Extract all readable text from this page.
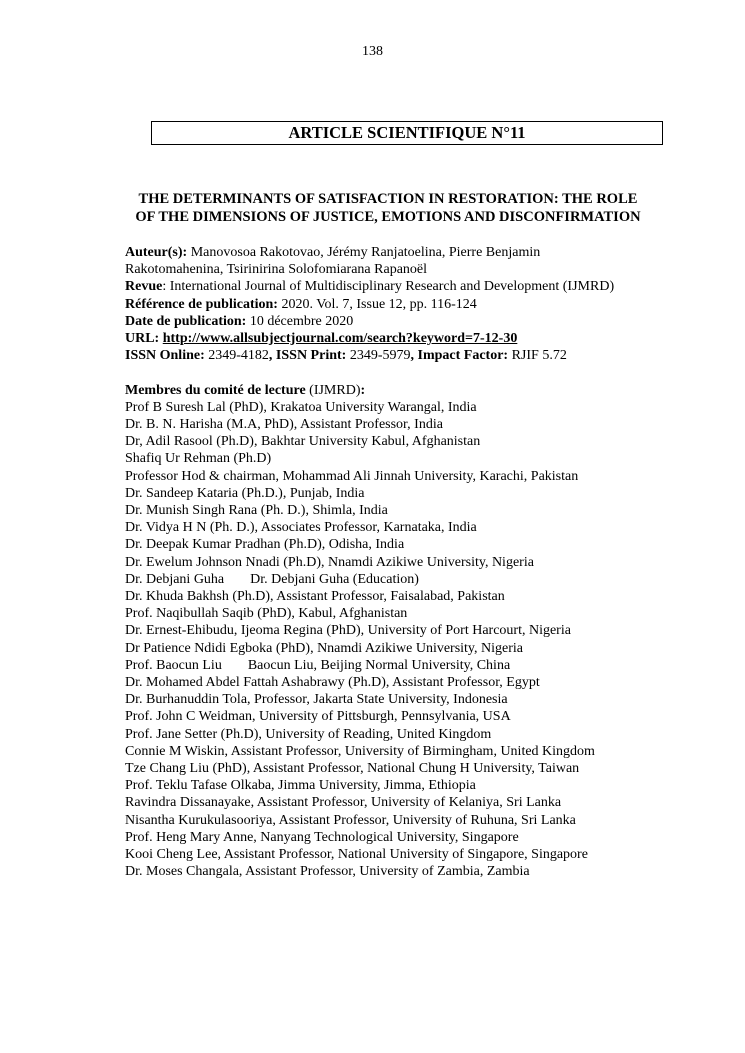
138
ARTICLE SCIENTIFIQUE N°11
THE DETERMINANTS OF SATISFACTION IN RESTORATION: THE ROLE
OF THE DIMENSIONS OF JUSTICE, EMOTIONS AND DISCONFIRMATION
Auteur(s): Manovosoa Rakotovao, Jérémy Ranjatoelina, Pierre Benjamin
Rakotomahenina, Tsirinirina Solofomiarana Rapanoël
Revue: International Journal of Multidisciplinary Research and Development (IJMRD)
Référence de publication: 2020. Vol. 7, Issue 12, pp. 116-124
Date de publication: 10 décembre 2020
URL: http://www.allsubjectjournal.com/search?keyword=7-12-30
ISSN Online: 2349-4182, ISSN Print: 2349-5979, Impact Factor: RJIF 5.72
Membres du comité de lecture (IJMRD):
Prof B Suresh Lal (PhD), Krakatoa University Warangal, India
Dr. B. N. Harisha (M.A, PhD), Assistant Professor, India
Dr, Adil Rasool (Ph.D), Bakhtar University Kabul, Afghanistan
Shafiq Ur Rehman (Ph.D)
Professor Hod & chairman, Mohammad Ali Jinnah University, Karachi, Pakistan
Dr. Sandeep Kataria (Ph.D.), Punjab, India
Dr. Munish Singh Rana (Ph. D.), Shimla, India
Dr. Vidya H N (Ph. D.), Associates Professor, Karnataka, India
Dr. Deepak Kumar Pradhan (Ph.D), Odisha, India
Dr. Ewelum Johnson Nnadi (Ph.D), Nnamdi Azikiwe University, Nigeria
Dr. Debjani Guha Dr. Debjani Guha (Education)
Dr. Khuda Bakhsh (Ph.D), Assistant Professor, Faisalabad, Pakistan
Prof. Naqibullah Saqib (PhD), Kabul, Afghanistan
Dr. Ernest-Ehibudu, Ijeoma Regina (PhD), University of Port Harcourt, Nigeria
Dr Patience Ndidi Egboka (PhD), Nnamdi Azikiwe University, Nigeria
Prof. Baocun Liu Baocun Liu, Beijing Normal University, China
Dr. Mohamed Abdel Fattah Ashabrawy (Ph.D), Assistant Professor, Egypt
Dr. Burhanuddin Tola, Professor, Jakarta State University, Indonesia
Prof. John C Weidman, University of Pittsburgh, Pennsylvania, USA
Prof. Jane Setter (Ph.D), University of Reading, United Kingdom
Connie M Wiskin, Assistant Professor, University of Birmingham, United Kingdom
Tze Chang Liu (PhD), Assistant Professor, National Chung H University, Taiwan
Prof. Teklu Tafase Olkaba, Jimma University, Jimma, Ethiopia
Ravindra Dissanayake, Assistant Professor, University of Kelaniya, Sri Lanka
Nisantha Kurukulasooriya, Assistant Professor, University of Ruhuna, Sri Lanka
Prof. Heng Mary Anne, Nanyang Technological University, Singapore
Kooi Cheng Lee, Assistant Professor, National University of Singapore, Singapore
Dr. Moses Changala, Assistant Professor, University of Zambia, Zambia
